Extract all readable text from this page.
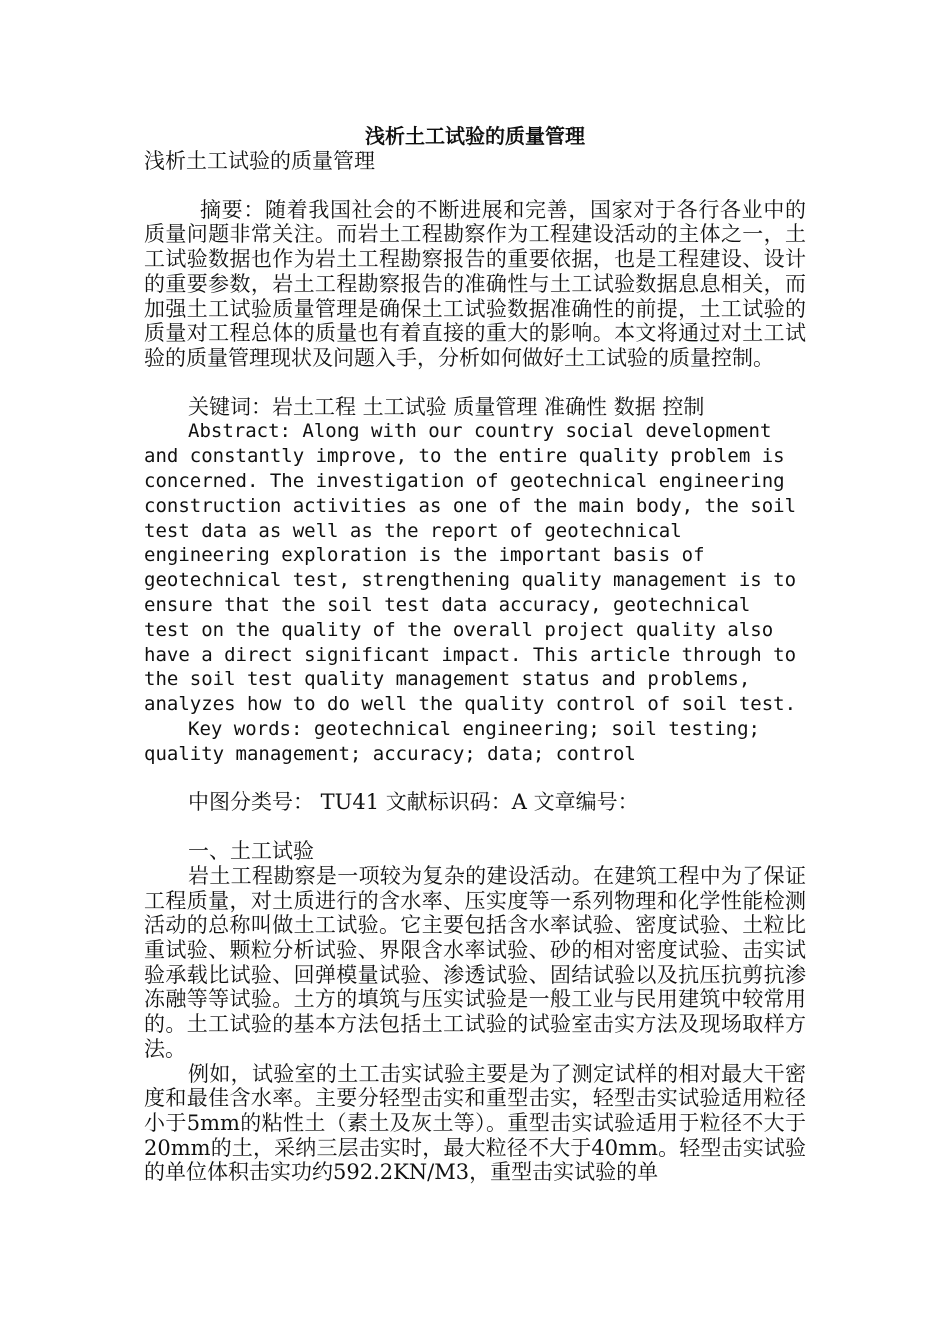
浅析土工试验的质量管理

浅析土工试验的质量管理

摘要：随着我国社会的不断进展和完善，国家对于各行各业中的质量问题非常关注。而岩土工程勘察作为工程建设活动的主体之一，土工试验数据也作为岩土工程勘察报告的重要依据，也是工程建设、设计的重要参数，岩土工程勘察报告的准确性与土工试验数据息息相关，而加强土工试验质量管理是确保土工试验数据准确性的前提，土工试验的质量对工程总体的质量也有着直接的重大的影响。本文将通过对土工试验的质量管理现状及问题入手，分析如何做好土工试验的质量控制。

关键词：岩土工程 土工试验 质量管理 准确性 数据 控制

Abstract: Along with our country social development and constantly improve, to the entire quality problem is concerned. The investigation of geotechnical engineering construction activities as one of the main body, the soil test data as well as the report of geotechnical engineering exploration is the important basis of geotechnical test, strengthening quality management is to ensure that the soil test data accuracy, geotechnical test on the quality of the overall project quality also have a direct significant impact. This article through to the soil test quality management status and problems, analyzes how to do well the quality control of soil test.

Key words: geotechnical engineering; soil testing; quality management; accuracy; data; control

中图分类号： TU41 文献标识码：A 文章编号：

一、土工试验

岩土工程勘察是一项较为复杂的建设活动。在建筑工程中为了保证工程质量，对土质进行的含水率、压实度等一系列物理和化学性能检测活动的总称叫做土工试验。它主要包括含水率试验、密度试验、土粒比重试验、颗粒分析试验、界限含水率试验、砂的相对密度试验、击实试验承载比试验、回弹模量试验、渗透试验、固结试验以及抗压抗剪抗渗冻融等等试验。土方的填筑与压实试验是一般工业与民用建筑中较常用的。土工试验的基本方法包括土工试验的试验室击实方法及现场取样方法。

例如，试验室的土工击实试验主要是为了测定试样的相对最大干密度和最佳含水率。主要分轻型击实和重型击实，轻型击实试验适用粒径小于5mm的粘性土（素土及灰土等）。重型击实试验适用于粒径不大于20mm的土，采纳三层击实时，最大粒径不大于40mm。轻型击实试验的单位体积击实功约592.2KN/M3，重型击实试验的单
